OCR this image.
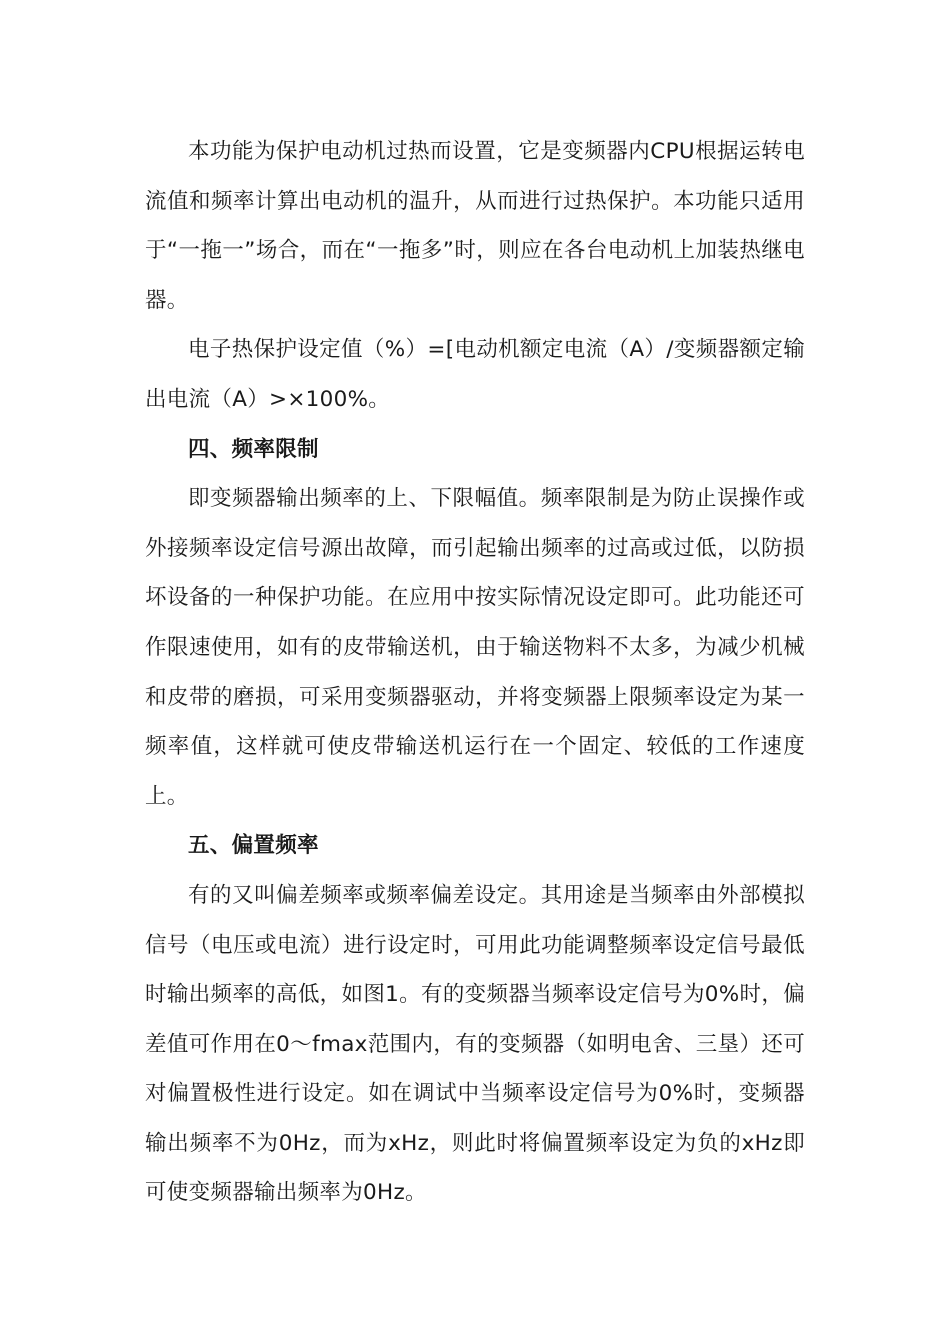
本功能为保护电动机过热而设置，它是变频器内CPU根据运转电流值和频率计算出电动机的温升，从而进行过热保护。本功能只适用于“一拖一”场合，而在“一拖多”时，则应在各台电动机上加装热继电器。

电子热保护设定值（%）=[电动机额定电流（A）/变频器额定输出电流（A）>×100%。

四、频率限制

即变频器输出频率的上、下限幅值。频率限制是为防止误操作或外接频率设定信号源出故障，而引起输出频率的过高或过低，以防损坏设备的一种保护功能。在应用中按实际情况设定即可。此功能还可作限速使用，如有的皮带输送机，由于输送物料不太多，为减少机械和皮带的磨损，可采用变频器驱动，并将变频器上限频率设定为某一频率值，这样就可使皮带输送机运行在一个固定、较低的工作速度上。

五、偏置频率

有的又叫偏差频率或频率偏差设定。其用途是当频率由外部模拟信号（电压或电流）进行设定时，可用此功能调整频率设定信号最低时输出频率的高低，如图1。有的变频器当频率设定信号为0%时，偏差值可作用在0～fmax范围内，有的变频器（如明电舍、三垦）还可对偏置极性进行设定。如在调试中当频率设定信号为0%时，变频器输出频率不为0Hz，而为xHz，则此时将偏置频率设定为负的xHz即可使变频器输出频率为0Hz。
